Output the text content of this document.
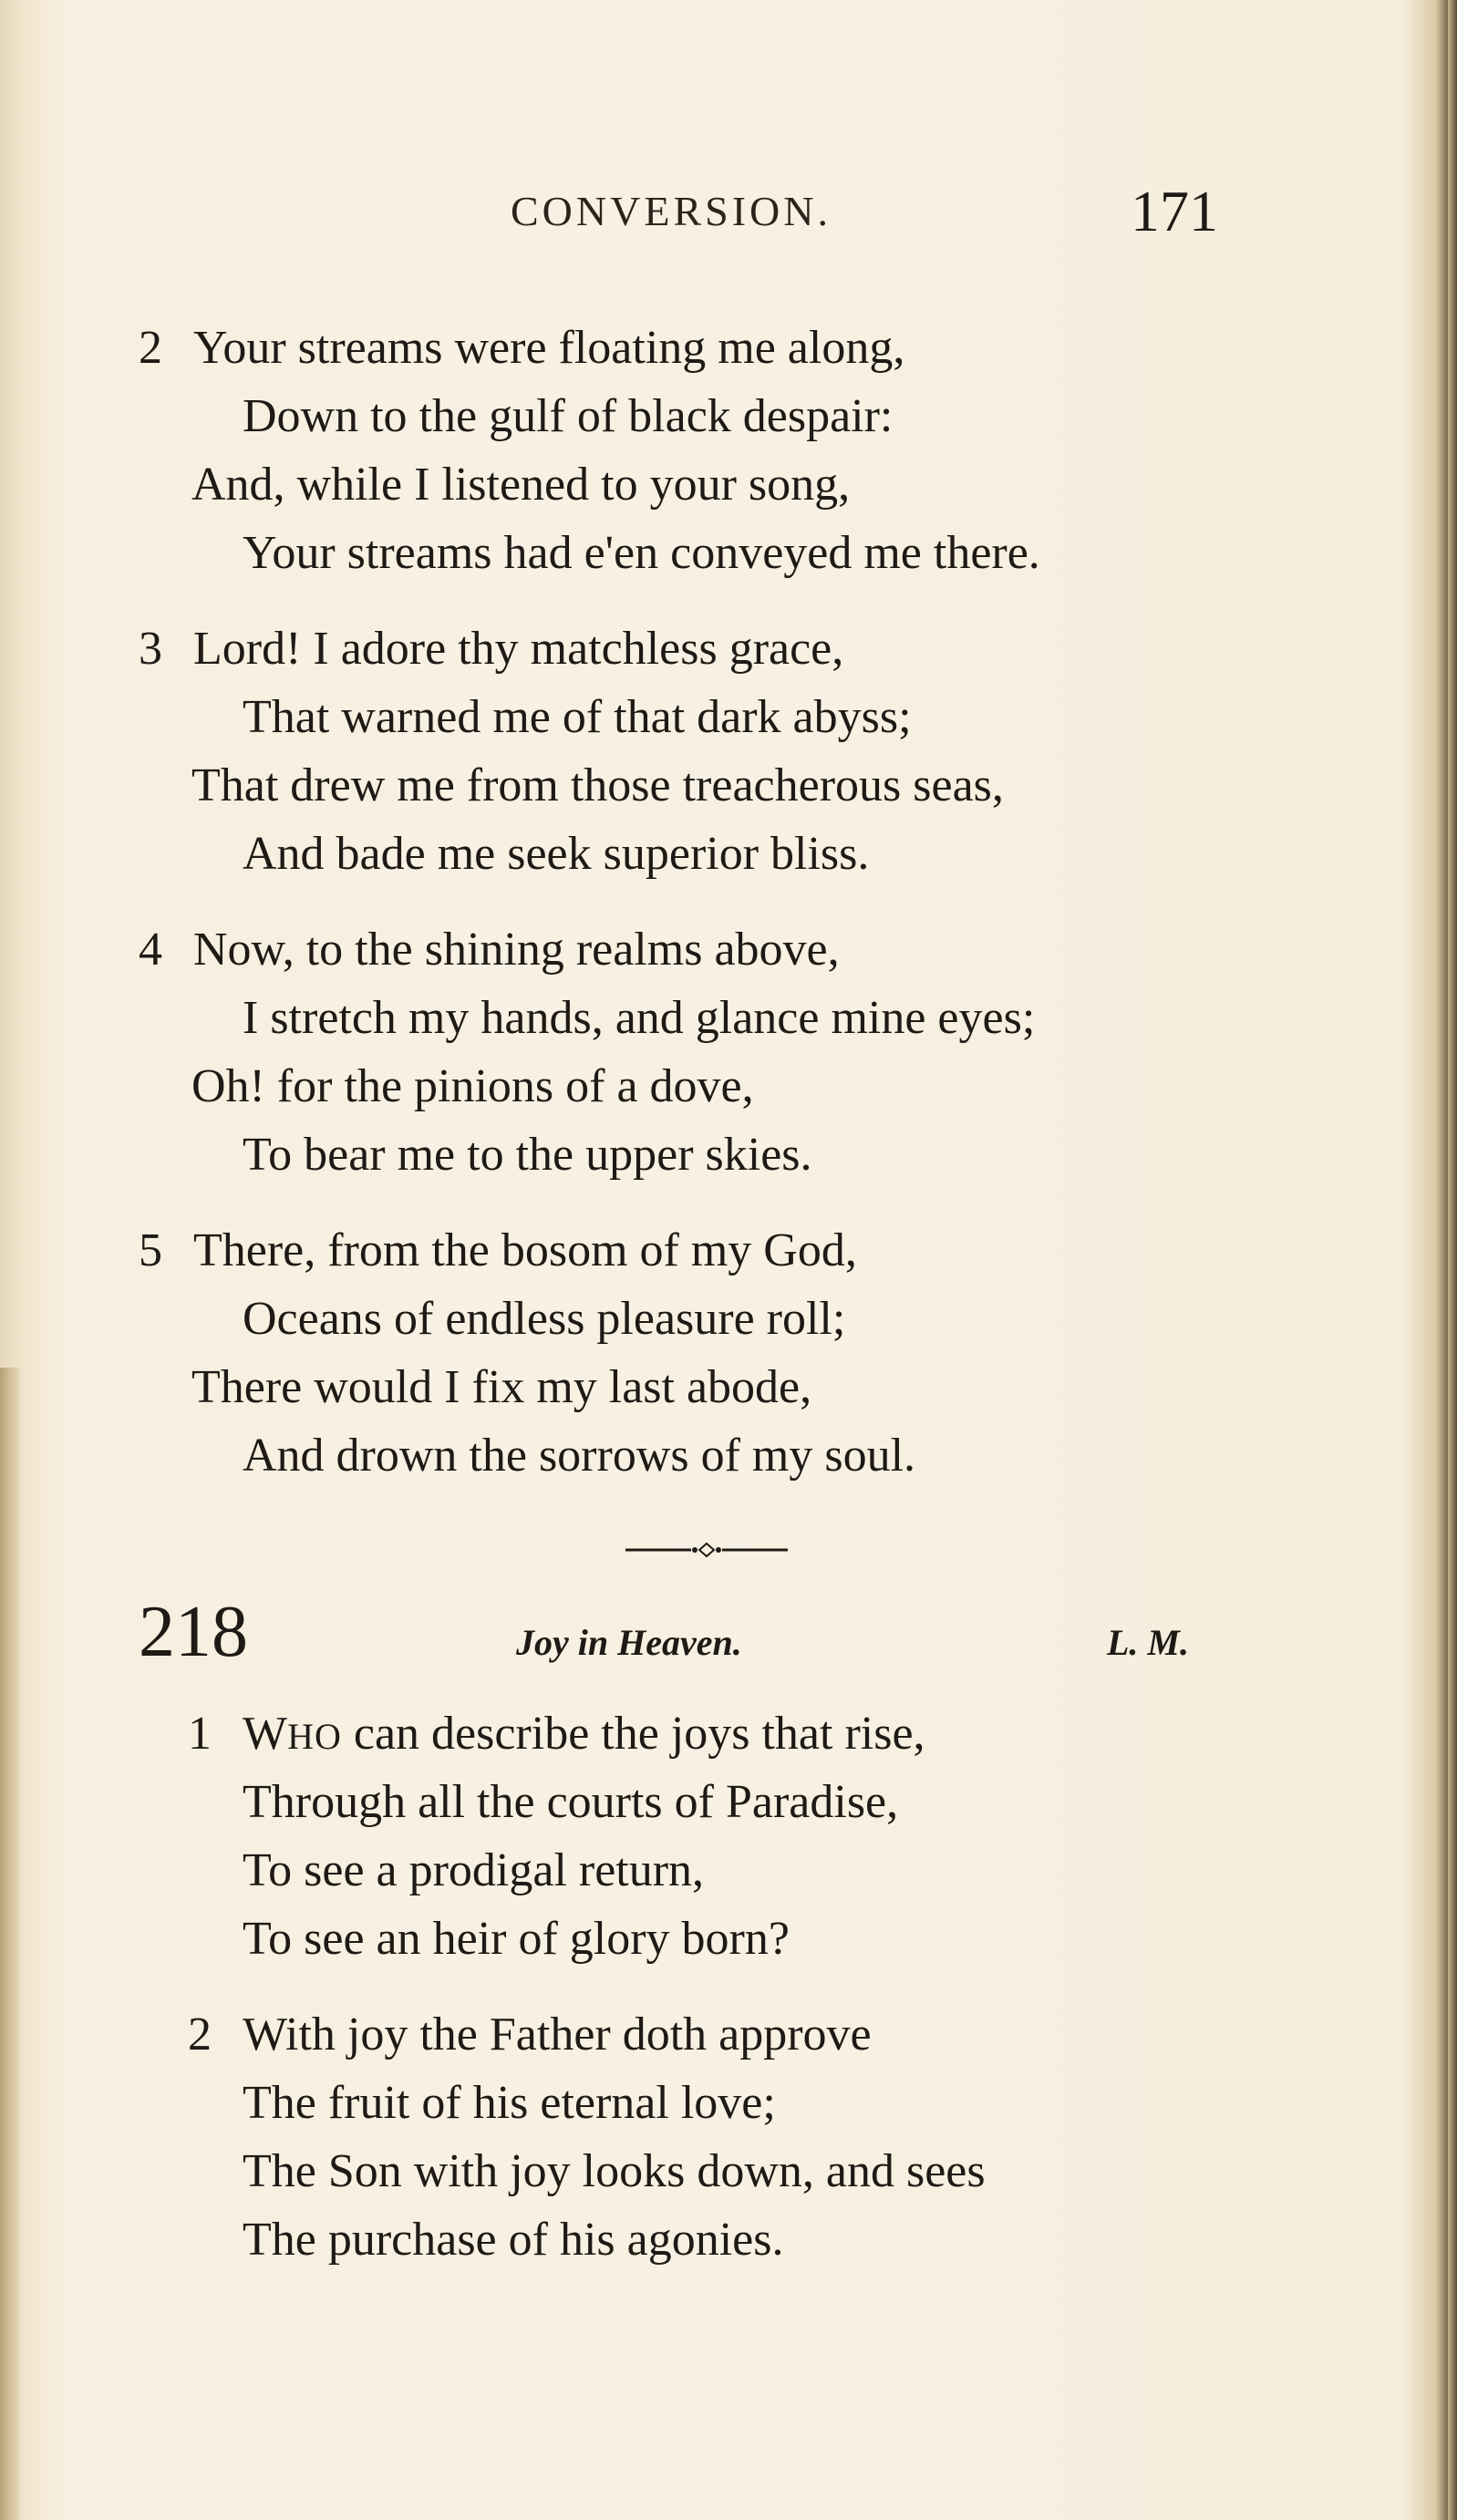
CONVERSION.	171
2 Your streams were floating me along,
Down to the gulf of black despair:
And, while I listened to your song,
Your streams had e'en conveyed me there.
3 Lord! I adore thy matchless grace,
That warned me of that dark abyss;
That drew me from those treacherous seas,
And bade me seek superior bliss.
4 Now, to the shining realms above,
I stretch my hands, and glance mine eyes;
Oh! for the pinions of a dove,
To bear me to the upper skies.
5 There, from the bosom of my God,
Oceans of endless pleasure roll;
There would I fix my last abode,
And drown the sorrows of my soul.
218	Joy in Heaven.	L. M.
1 WHO can describe the joys that rise,
Through all the courts of Paradise,
To see a prodigal return,
To see an heir of glory born?
2 With joy the Father doth approve
The fruit of his eternal love;
The Son with joy looks down, and sees
The purchase of his agonies.
